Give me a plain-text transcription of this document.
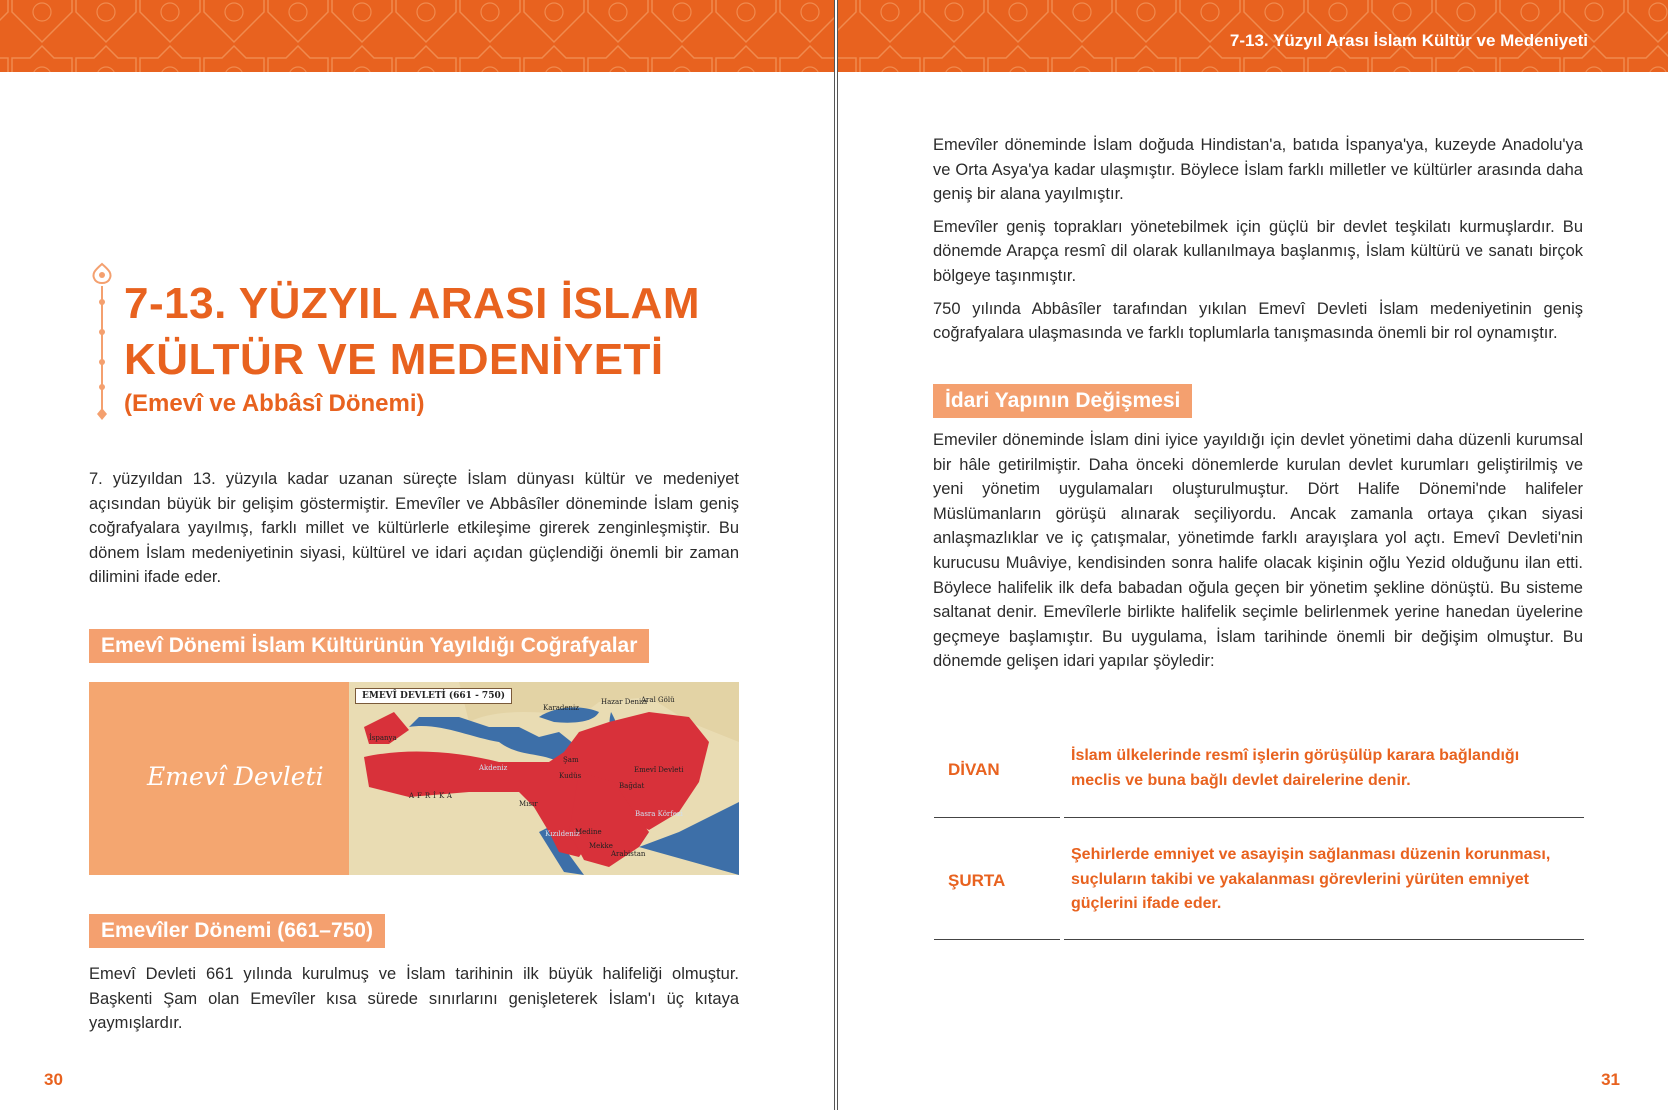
7-13. YÜZYIL ARASI İSLAM
KÜLTÜR VE MEDENİYETİ
(Emevî ve Abbâsî Dönemi)
7. yüzyıldan 13. yüzyıla kadar uzanan süreçte İslam dünyası kültür ve medeniyet açısından büyük bir gelişim göstermiştir. Emevîler ve Abbâsîler döneminde İslam geniş coğrafyalara yayılmış, farklı millet ve kültürlerle etkileşime girerek zenginleşmiştir. Bu dönem İslam medeniyetinin siyasi, kültürel ve idari açıdan güçlendiği önemli bir zaman dilimini ifade eder.
Emevî Dönemi İslam Kültürünün Yayıldığı Coğrafyalar
Emevî Devleti
EMEVÎ DEVLETİ (661 - 750)
Karadeniz
Hazar Denizi
Aral Gölü
Akdeniz
AFRİKA
Emevî Devleti
Şam
Kudüs
Bağdat
Mısır
Medine
Mekke
Arabistan
Kızıldeniz
İspanya
Basra Körfezi
Emevîler Dönemi (661–750)
Emevî Devleti 661 yılında kurulmuş ve İslam tarihinin ilk büyük halifeliği olmuştur. Başkenti Şam olan Emevîler kısa sürede sınırlarını genişleterek İslam'ı üç kıtaya yaymışlardır.
30
7-13. Yüzyıl Arası İslam Kültür ve Medeniyeti

Emevîler döneminde İslam doğuda Hindistan'a, batıda İspanya'ya, kuzeyde Anadolu'ya ve Orta Asya'ya kadar ulaşmıştır. Böylece İslam farklı milletler ve kültürler arasında daha geniş bir alana yayılmıştır.

Emevîler geniş toprakları yönetebilmek için güçlü bir devlet teşkilatı kurmuşlardır. Bu dönemde Arapça resmî dil olarak kullanılmaya başlanmış, İslam kültürü ve sanatı birçok bölgeye taşınmıştır.

750 yılında Abbâsîler tarafından yıkılan Emevî Devleti İslam medeniyetinin geniş coğrafyalara ulaşmasında ve farklı toplumlarla tanışmasında önemli bir rol oynamıştır.

İdari Yapının Değişmesi
Emeviler döneminde İslam dini iyice yayıldığı için devlet yönetimi daha düzenli kurumsal bir hâle getirilmiştir. Daha önceki dönemlerde kurulan devlet kurumları geliştirilmiş ve yeni yönetim uygulamaları oluşturulmuştur. Dört Halife Dönemi'nde halifeler Müslümanların görüşü alınarak seçiliyordu. Ancak zamanla ortaya çıkan siyasi anlaşmazlıklar ve iç çatışmalar, yönetimde farklı arayışlara yol açtı. Emevî Devleti'nin kurucusu Muâviye, kendisinden sonra halife olacak kişinin oğlu Yezid olduğunu ilan etti. Böylece halifelik ilk defa babadan oğula geçen bir yönetim şekline dönüştü. Bu sisteme saltanat denir. Emevîlerle birlikte halifelik seçimle belirlenmek yerine hanedan üyelerine geçmeye başlamıştır. Bu uygulama, İslam tarihinde önemli bir değişim olmuştur. Bu dönemde gelişen idari yapılar şöyledir:
DİVAN
İslam ülkelerinde resmî işlerin görüşülüp karara bağlandığı meclis ve buna bağlı devlet dairelerine denir.
ŞURTA
Şehirlerde emniyet ve asayişin sağlanması düzenin korunması, suçluların takibi ve yakalanması görevlerini yürüten emniyet güçlerini ifade eder.
31
